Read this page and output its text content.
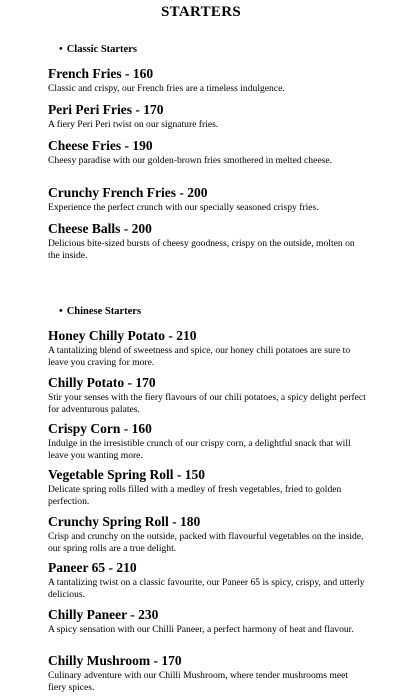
STARTERS
• Classic Starters
French Fries - 160
Classic and crispy, our French fries are a timeless indulgence.
Peri Peri Fries - 170
A fiery Peri Peri twist on our signature fries.
Cheese Fries - 190
Cheesy paradise with our golden-brown fries smothered in melted cheese.
Crunchy French Fries - 200
Experience the perfect crunch with our specially seasoned crispy fries.
Cheese Balls - 200
Delicious bite-sized bursts of cheesy goodness, crispy on the outside, molten on the inside.
• Chinese Starters
Honey Chilly Potato - 210
A tantalizing blend of sweetness and spice, our honey chili potatoes are sure to leave you craving for more.
Chilly Potato - 170
Stir your senses with the fiery flavours of our chili potatoes, a spicy delight perfect for adventurous palates.
Crispy Corn - 160
Indulge in the irresistible crunch of our crispy corn, a delightful snack that will leave you wanting more.
Vegetable Spring Roll - 150
Delicate spring rolls filled with a medley of fresh vegetables, fried to golden perfection.
Crunchy Spring Roll - 180
Crisp and crunchy on the outside, packed with flavourful vegetables on the inside, our spring rolls are a true delight.
Paneer 65 - 210
A tantalizing twist on a classic favourite, our Paneer 65 is spicy, crispy, and utterly delicious.
Chilly Paneer - 230
A spicy sensation with our Chilli Paneer, a perfect harmony of heat and flavour.
Chilly Mushroom - 170
Culinary adventure with our Chilli Mushroom, where tender mushrooms meet fiery spices.
